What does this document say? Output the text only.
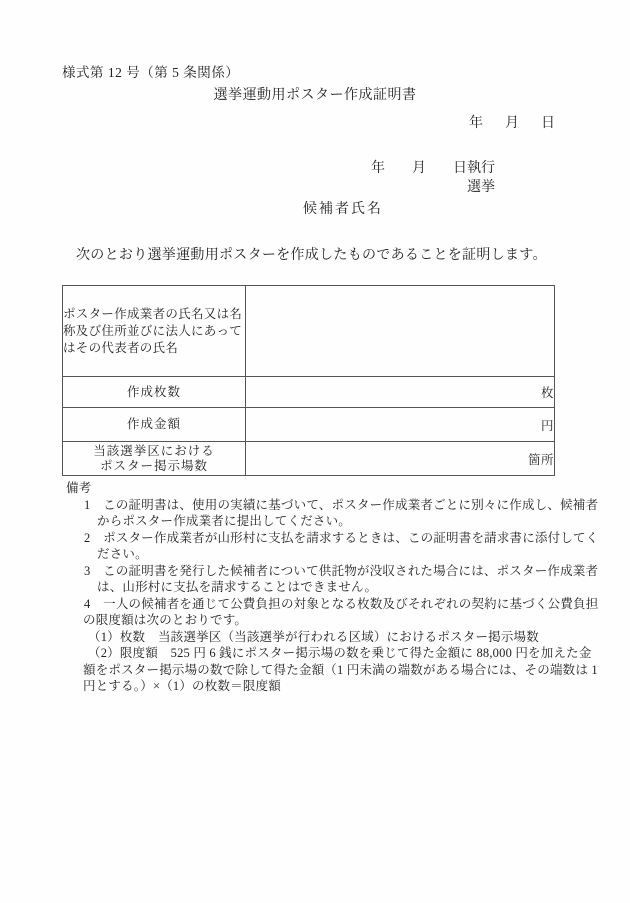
様式第 12 号（第 5 条関係）
選挙運動用ポスター作成証明書
年 月 日
年 月 日執行
選挙
候補者氏名
次のとおり選挙運動用ポスターを作成したものであることを証明します。
ポスター作成業者の氏名又は名称及び住所並びに法人にあってはその代表者の氏名	
作成枚数	枚
作成金額	円

当該選挙区における
ポスター掲示場数	箇所
備考
1　この証明書は、使用の実績に基づいて、ポスター作成業者ごとに別々に作成し、候補者
からポスター作成業者に提出してください。
2　ポスター作成業者が山形村に支払を請求するときは、この証明書を請求書に添付してく
ださい。
3　この証明書を発行した候補者について供託物が没収された場合には、ポスター作成業者
は、山形村に支払を請求することはできません。
4　一人の候補者を通じて公費負担の対象となる枚数及びそれぞれの契約に基づく公費負担
の限度額は次のとおりです。
（1）枚数　当該選挙区（当該選挙が行われる区域）におけるポスター掲示場数
（2）限度額　525 円 6 銭にポスター掲示場の数を乗じて得た金額に 88,000 円を加えた金
額をポスター掲示場の数で除して得た金額（1 円未満の端数がある場合には、その端数は 1
円とする。）×（1）の枚数＝限度額
